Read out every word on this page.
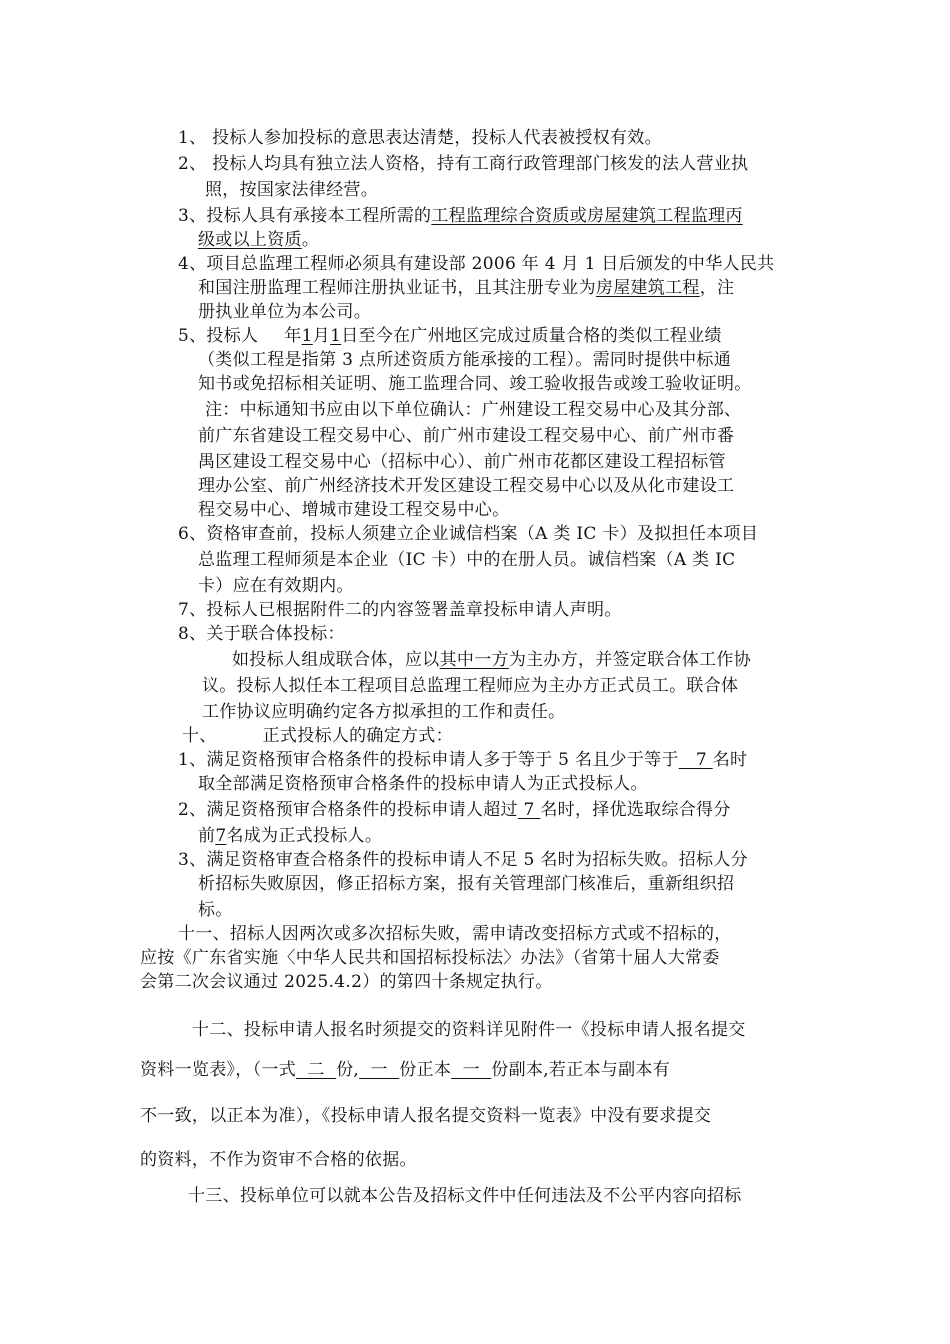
1、 投标人参加投标的意思表达清楚，投标人代表被授权有效。
2、 投标人均具有独立法人资格，持有工商行政管理部门核发的法人营业执
照，按国家法律经营。
3、投标人具有承接本工程所需的工程监理综合资质或房屋建筑工程监理丙
级或以上资质。
4、项目总监理工程师必须具有建设部 2006 年 4 月 1 日后颁发的中华人民共
和国注册监理工程师注册执业证书，且其注册专业为房屋建筑工程，注
册执业单位为本公司。
5、投标人 年1月1日至今在广州地区完成过质量合格的类似工程业绩
（类似工程是指第 3 点所述资质方能承接的工程）。需同时提供中标通
知书或免招标相关证明、施工监理合同、竣工验收报告或竣工验收证明。
注：中标通知书应由以下单位确认：广州建设工程交易中心及其分部、
前广东省建设工程交易中心、前广州市建设工程交易中心、前广州市番
禺区建设工程交易中心（招标中心）、前广州市花都区建设工程招标管
理办公室、前广州经济技术开发区建设工程交易中心以及从化市建设工
程交易中心、增城市建设工程交易中心。
6、资格审查前，投标人须建立企业诚信档案（A 类 IC 卡）及拟担任本项目
总监理工程师须是本企业（IC 卡）中的在册人员。诚信档案（A 类 IC
卡）应在有效期内。
7、投标人已根据附件二的内容签署盖章投标申请人声明。
8、关于联合体投标：
如投标人组成联合体，应以其中一方为主办方，并签定联合体工作协
议。投标人拟任本工程项目总监理工程师应为主办方正式员工。联合体
工作协议应明确约定各方拟承担的工作和责任。
十、	正式投标人的确定方式：
1、满足资格预审合格条件的投标申请人多于等于 5 名且少于等于   7 名时
取全部满足资格预审合格条件的投标申请人为正式投标人。
2、满足资格预审合格条件的投标申请人超过 7 名时，择优选取综合得分
前7名成为正式投标人。
3、满足资格审查合格条件的投标申请人不足 5 名时为招标失败。招标人分
析招标失败原因，修正招标方案，报有关管理部门核准后，重新组织招
标。
十一、招标人因两次或多次招标失败，需申请改变招标方式或不招标的，
应按《广东省实施〈中华人民共和国招标投标法〉办法》（省第十届人大常委
会第二次会议通过 2025.4.2）的第四十条规定执行。
十二、投标申请人报名时须提交的资料详见附件一《投标申请人报名提交
资料一览表》，（一式  二  份,  一  份正本  一  份副本,若正本与副本有
不一致，以正本为准），《投标申请人报名提交资料一览表》中没有要求提交
的资料，不作为资审不合格的依据。
十三、投标单位可以就本公告及招标文件中任何违法及不公平内容向招标
